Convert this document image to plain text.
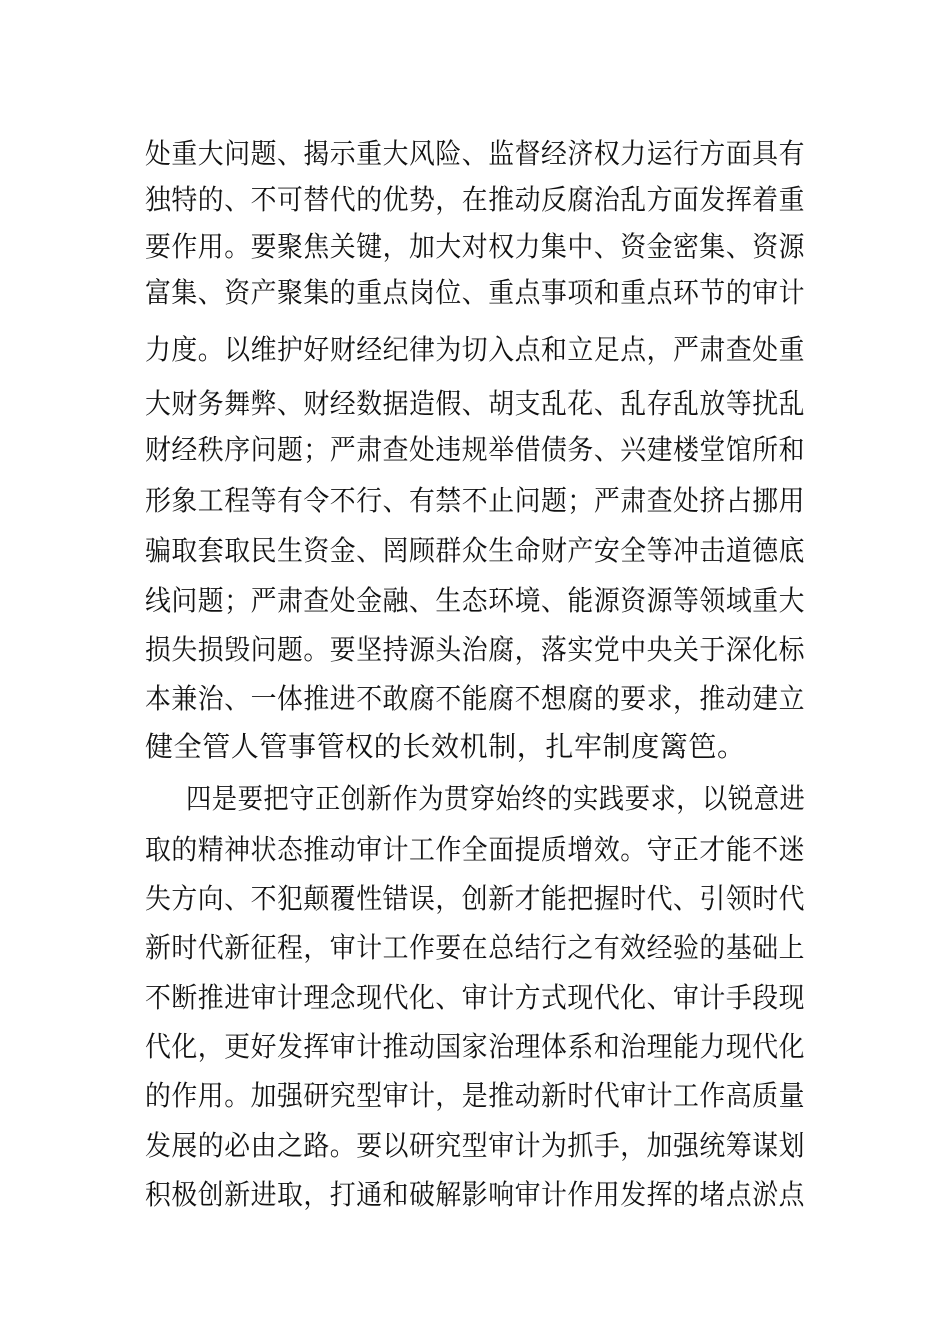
处重大问题、揭示重大风险、监督经济权力运行方面具有
独特的、不可替代的优势，在推动反腐治乱方面发挥着重
要作用。要聚焦关键，加大对权力集中、资金密集、资源
富集、资产聚集的重点岗位、重点事项和重点环节的审计
力度。以维护好财经纪律为切入点和立足点，严肃查处重
大财务舞弊、财经数据造假、胡支乱花、乱存乱放等扰乱
财经秩序问题；严肃查处违规举借债务、兴建楼堂馆所和
形象工程等有令不行、有禁不止问题；严肃查处挤占挪用
骗取套取民生资金、罔顾群众生命财产安全等冲击道德底
线问题；严肃查处金融、生态环境、能源资源等领域重大
损失损毁问题。要坚持源头治腐，落实党中央关于深化标
本兼治、一体推进不敢腐不能腐不想腐的要求，推动建立
健全管人管事管权的长效机制，扎牢制度篱笆。
四是要把守正创新作为贯穿始终的实践要求，以锐意进
取的精神状态推动审计工作全面提质增效。守正才能不迷
失方向、不犯颠覆性错误，创新才能把握时代、引领时代
新时代新征程，审计工作要在总结行之有效经验的基础上
不断推进审计理念现代化、审计方式现代化、审计手段现
代化，更好发挥审计推动国家治理体系和治理能力现代化
的作用。加强研究型审计，是推动新时代审计工作高质量
发展的必由之路。要以研究型审计为抓手，加强统筹谋划
积极创新进取，打通和破解影响审计作用发挥的堵点淤点
